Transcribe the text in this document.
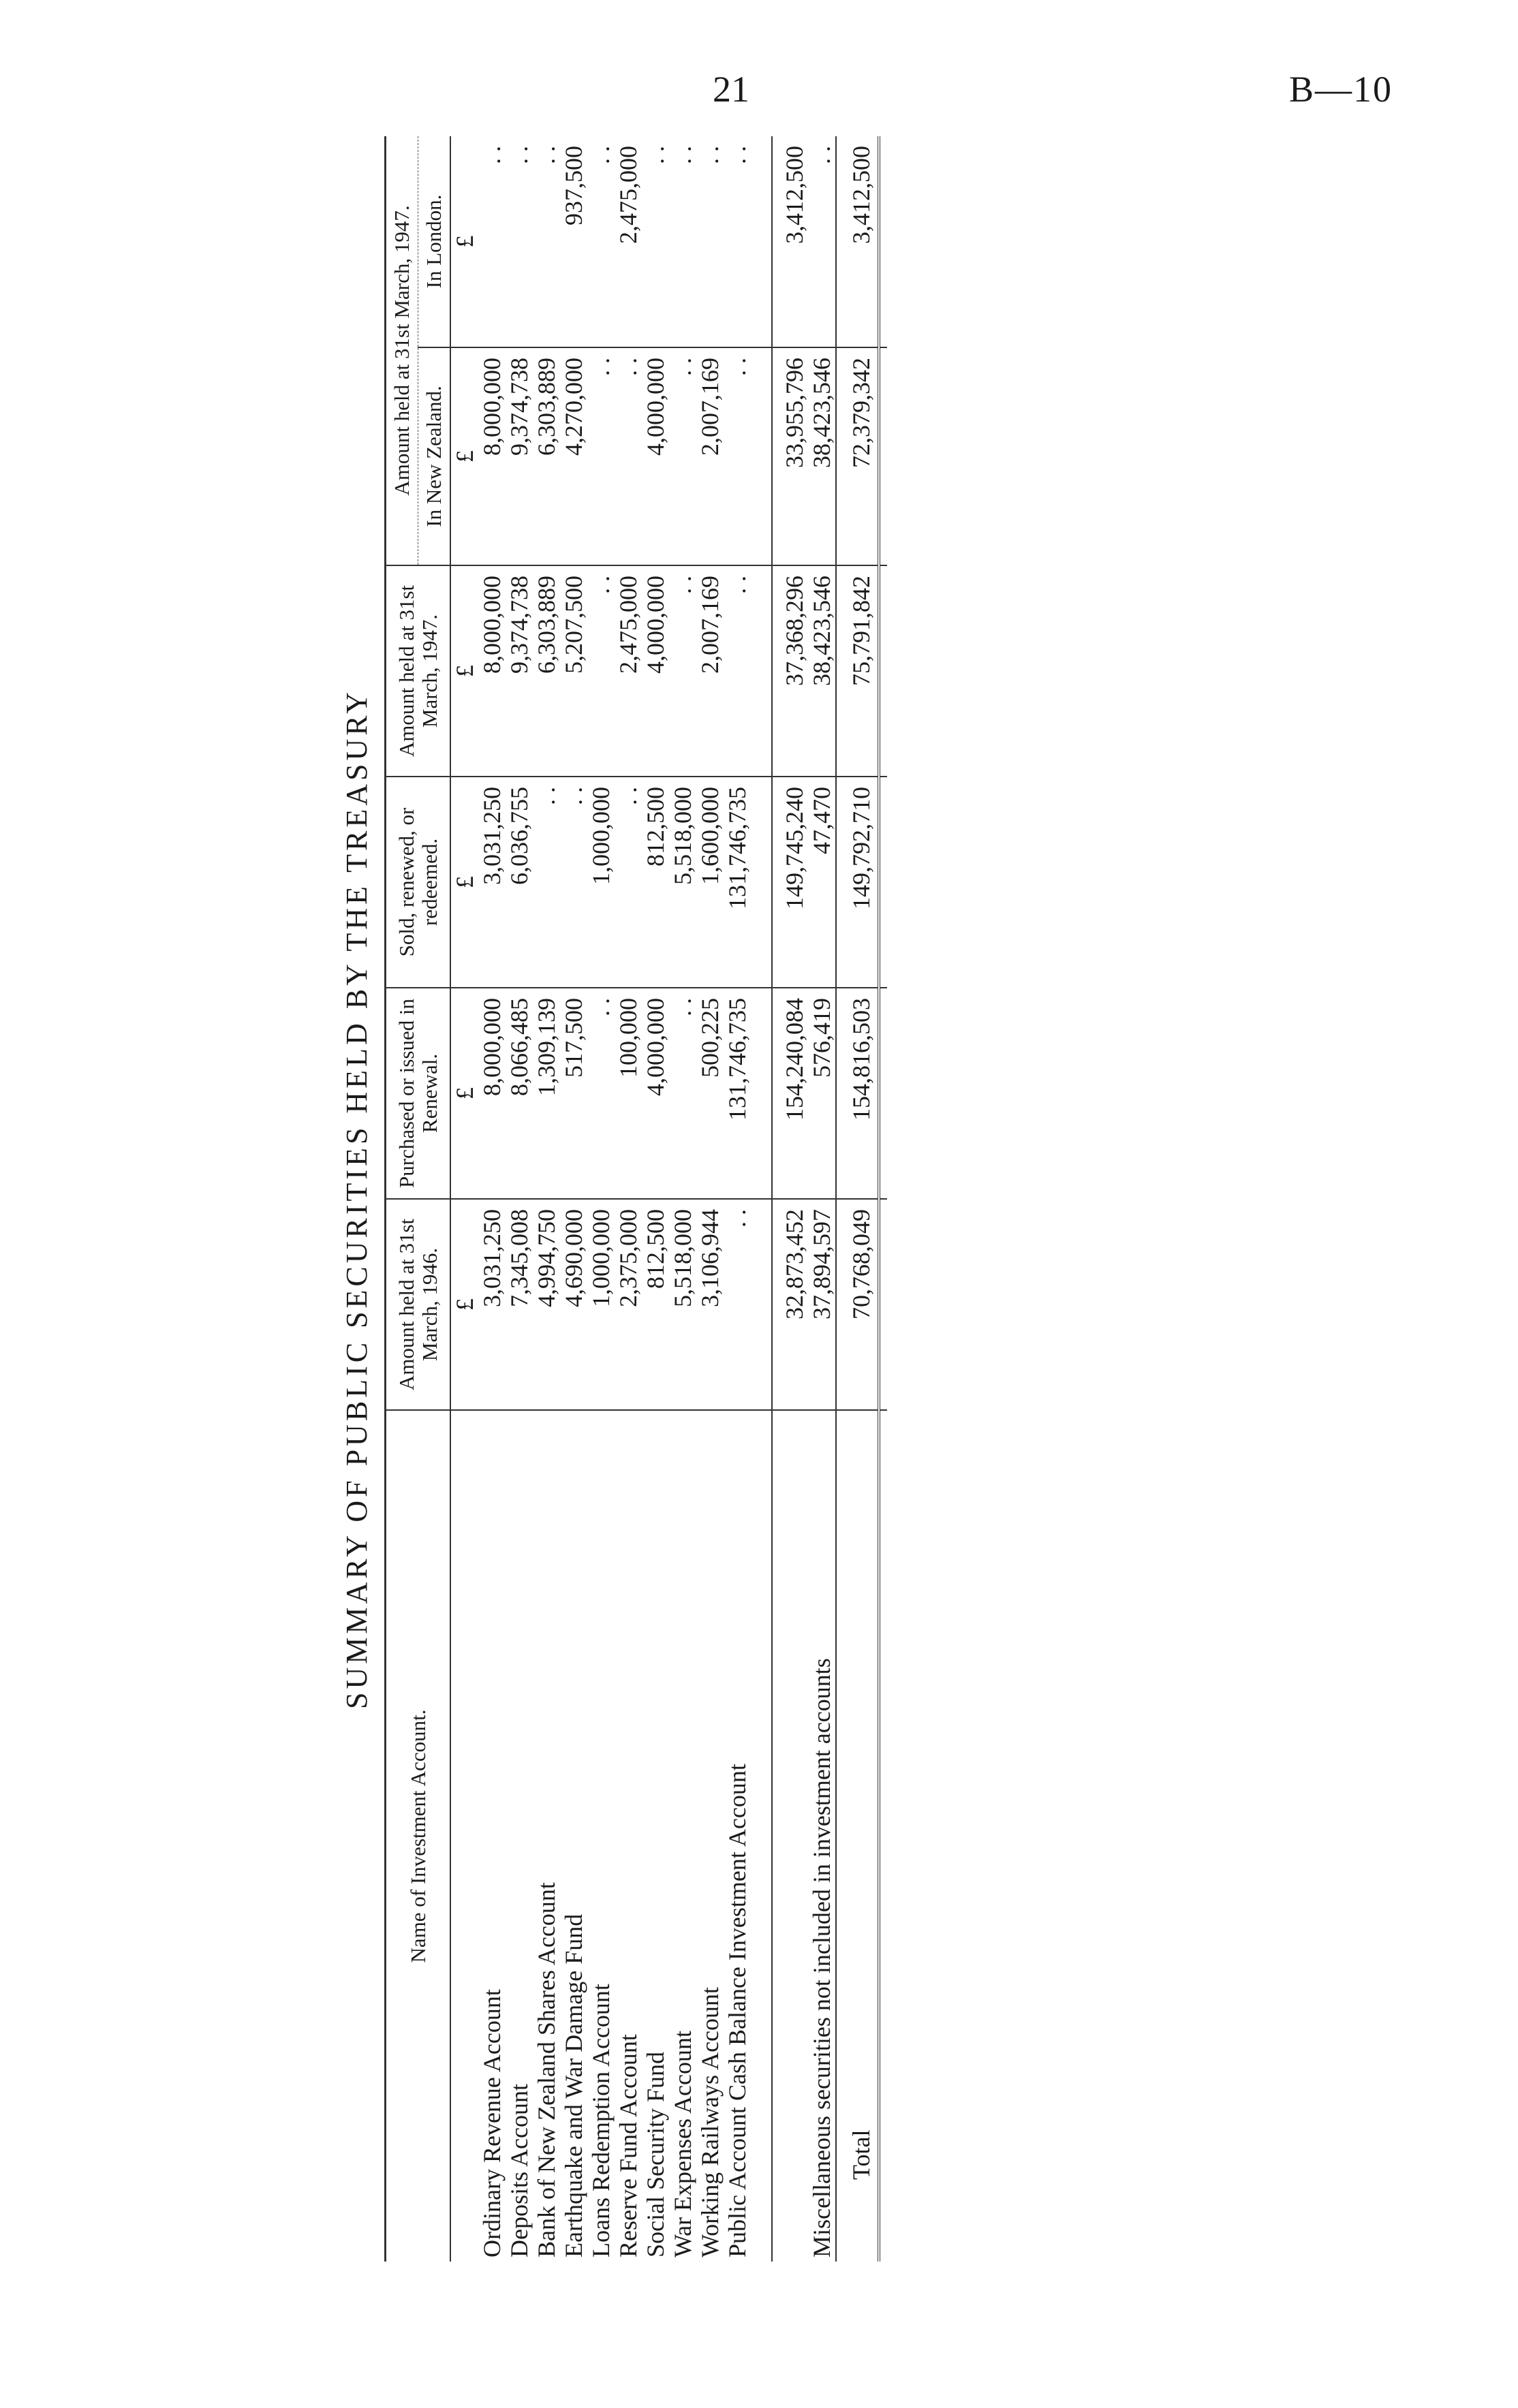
21	B—10
SUMMARY OF PUBLIC SECURITIES HELD BY THE TREASURY
Name of Investment Account.	Amount held at 31st March, 1946.	Purchased or issued in Renewal.	Sold, renewed, or redeemed.	Amount held at 31st March, 1947.	Amount held at 31st March, 1947.	
					In New Zealand.	In London.
	£	£	£	£	£	£
Ordinary Revenue Account	3,031,250	8,000,000	3,031,250	8,000,000	8,000,000	. .
Deposits Account	7,345,008	8,066,485	6,036,755	9,374,738	9,374,738	. .
Bank of New Zealand Shares Account	4,994,750	1,309,139	. .	6,303,889	6,303,889	. .
Earthquake and War Damage Fund	4,690,000	517,500	. .	5,207,500	4,270,000	937,500
Loans Redemption Account	1,000,000	. .	1,000,000	. .	. .	. .
Reserve Fund Account	2,375,000	100,000	. .	2,475,000	. .	2,475,000
Social Security Fund	812,500	4,000,000	812,500	4,000,000	4,000,000	. .
War Expenses Account	5,518,000	. .	5,518,000	. .	. .	. .
Working Railways Account	3,106,944	500,225	1,600,000	2,007,169	2,007,169	. .
Public Account Cash Balance Investment Account	. .	131,746,735	131,746,735	. .	. .	. .

	32,873,452	154,240,084	149,745,240	37,368,296	33,955,796	3,412,500
Miscellaneous securities not included in investment accounts	37,894,597	576,419	47,470	38,423,546	38,423,546	. .

Total	70,768,049	154,816,503	149,792,710	75,791,842	72,379,342	3,412,500
